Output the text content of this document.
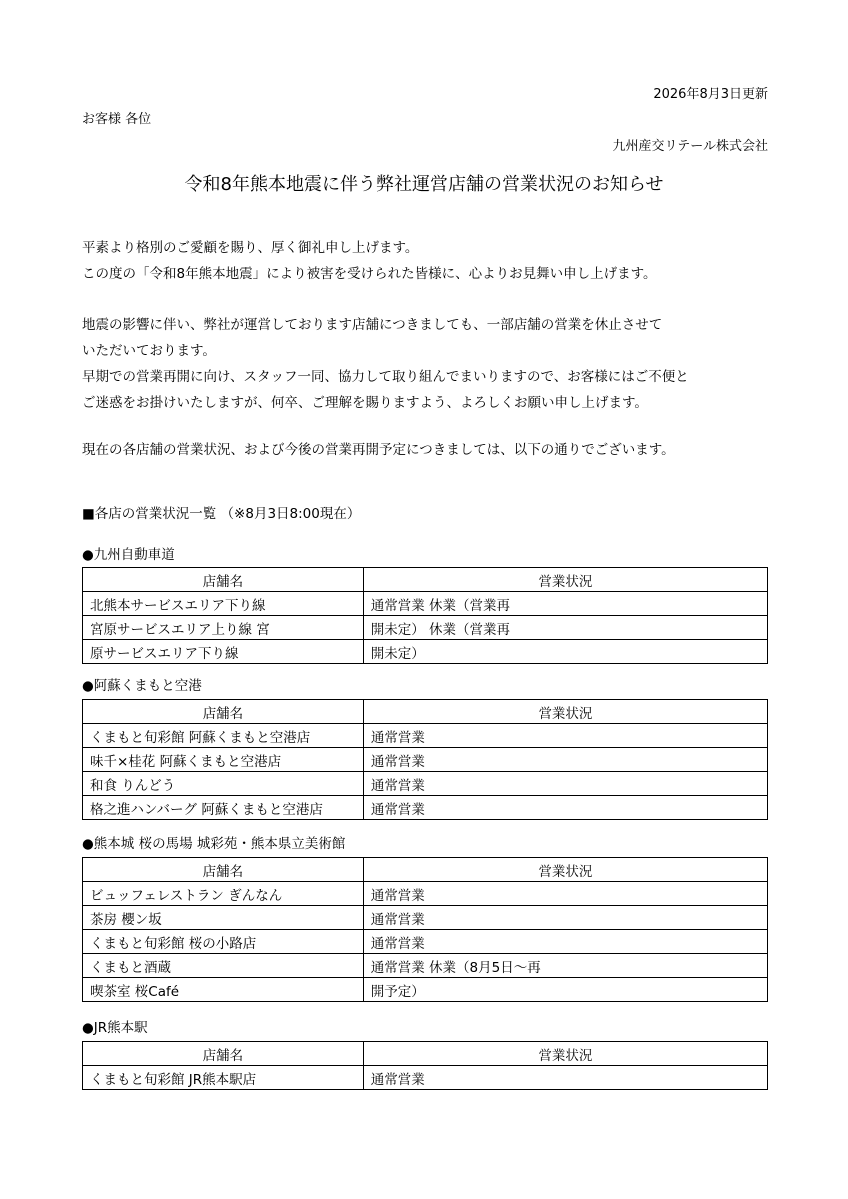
2026年8月3日更新
お客様 各位
九州産交リテール株式会社
令和8年熊本地震に伴う弊社運営店舗の営業状況のお知らせ
平素より格別のご愛顧を賜り、厚く御礼申し上げます。
この度の「令和8年熊本地震」により被害を受けられた皆様に、心よりお見舞い申し上げます。
地震の影響に伴い、弊社が運営しております店舗につきましても、一部店舗の営業を休止させて
いただいております。
早期での営業再開に向け、スタッフ一同、協力して取り組んでまいりますので、お客様にはご不便と
ご迷惑をお掛けいたしますが、何卒、ご理解を賜りますよう、よろしくお願い申し上げます。
現在の各店舗の営業状況、および今後の営業再開予定につきましては、以下の通りでございます。
■各店の営業状況一覧 （※8月3日8:00現在）
●九州自動車道
店舗名	営業状況
北熊本サービスエリア下り線	通常営業 休業（営業再
宮原サービスエリア上り線 宮	開未定） 休業（営業再
原サービスエリア下り線	開未定）
●阿蘇くまもと空港
店舗名	営業状況
くまもと旬彩館 阿蘇くまもと空港店	通常営業
味千×桂花 阿蘇くまもと空港店	通常営業
和食 りんどう	通常営業
格之進ハンバーグ 阿蘇くまもと空港店	通常営業
●熊本城 桜の馬場 城彩苑・熊本県立美術館
店舗名	営業状況
ビュッフェレストラン ぎんなん	通常営業
茶房 櫻ン坂	通常営業
くまもと旬彩館 桜の小路店	通常営業
くまもと酒蔵	通常営業 休業（8月5日～再
喫茶室 桜Café	開予定）
●JR熊本駅
店舗名	営業状況
くまもと旬彩館 JR熊本駅店	通常営業
